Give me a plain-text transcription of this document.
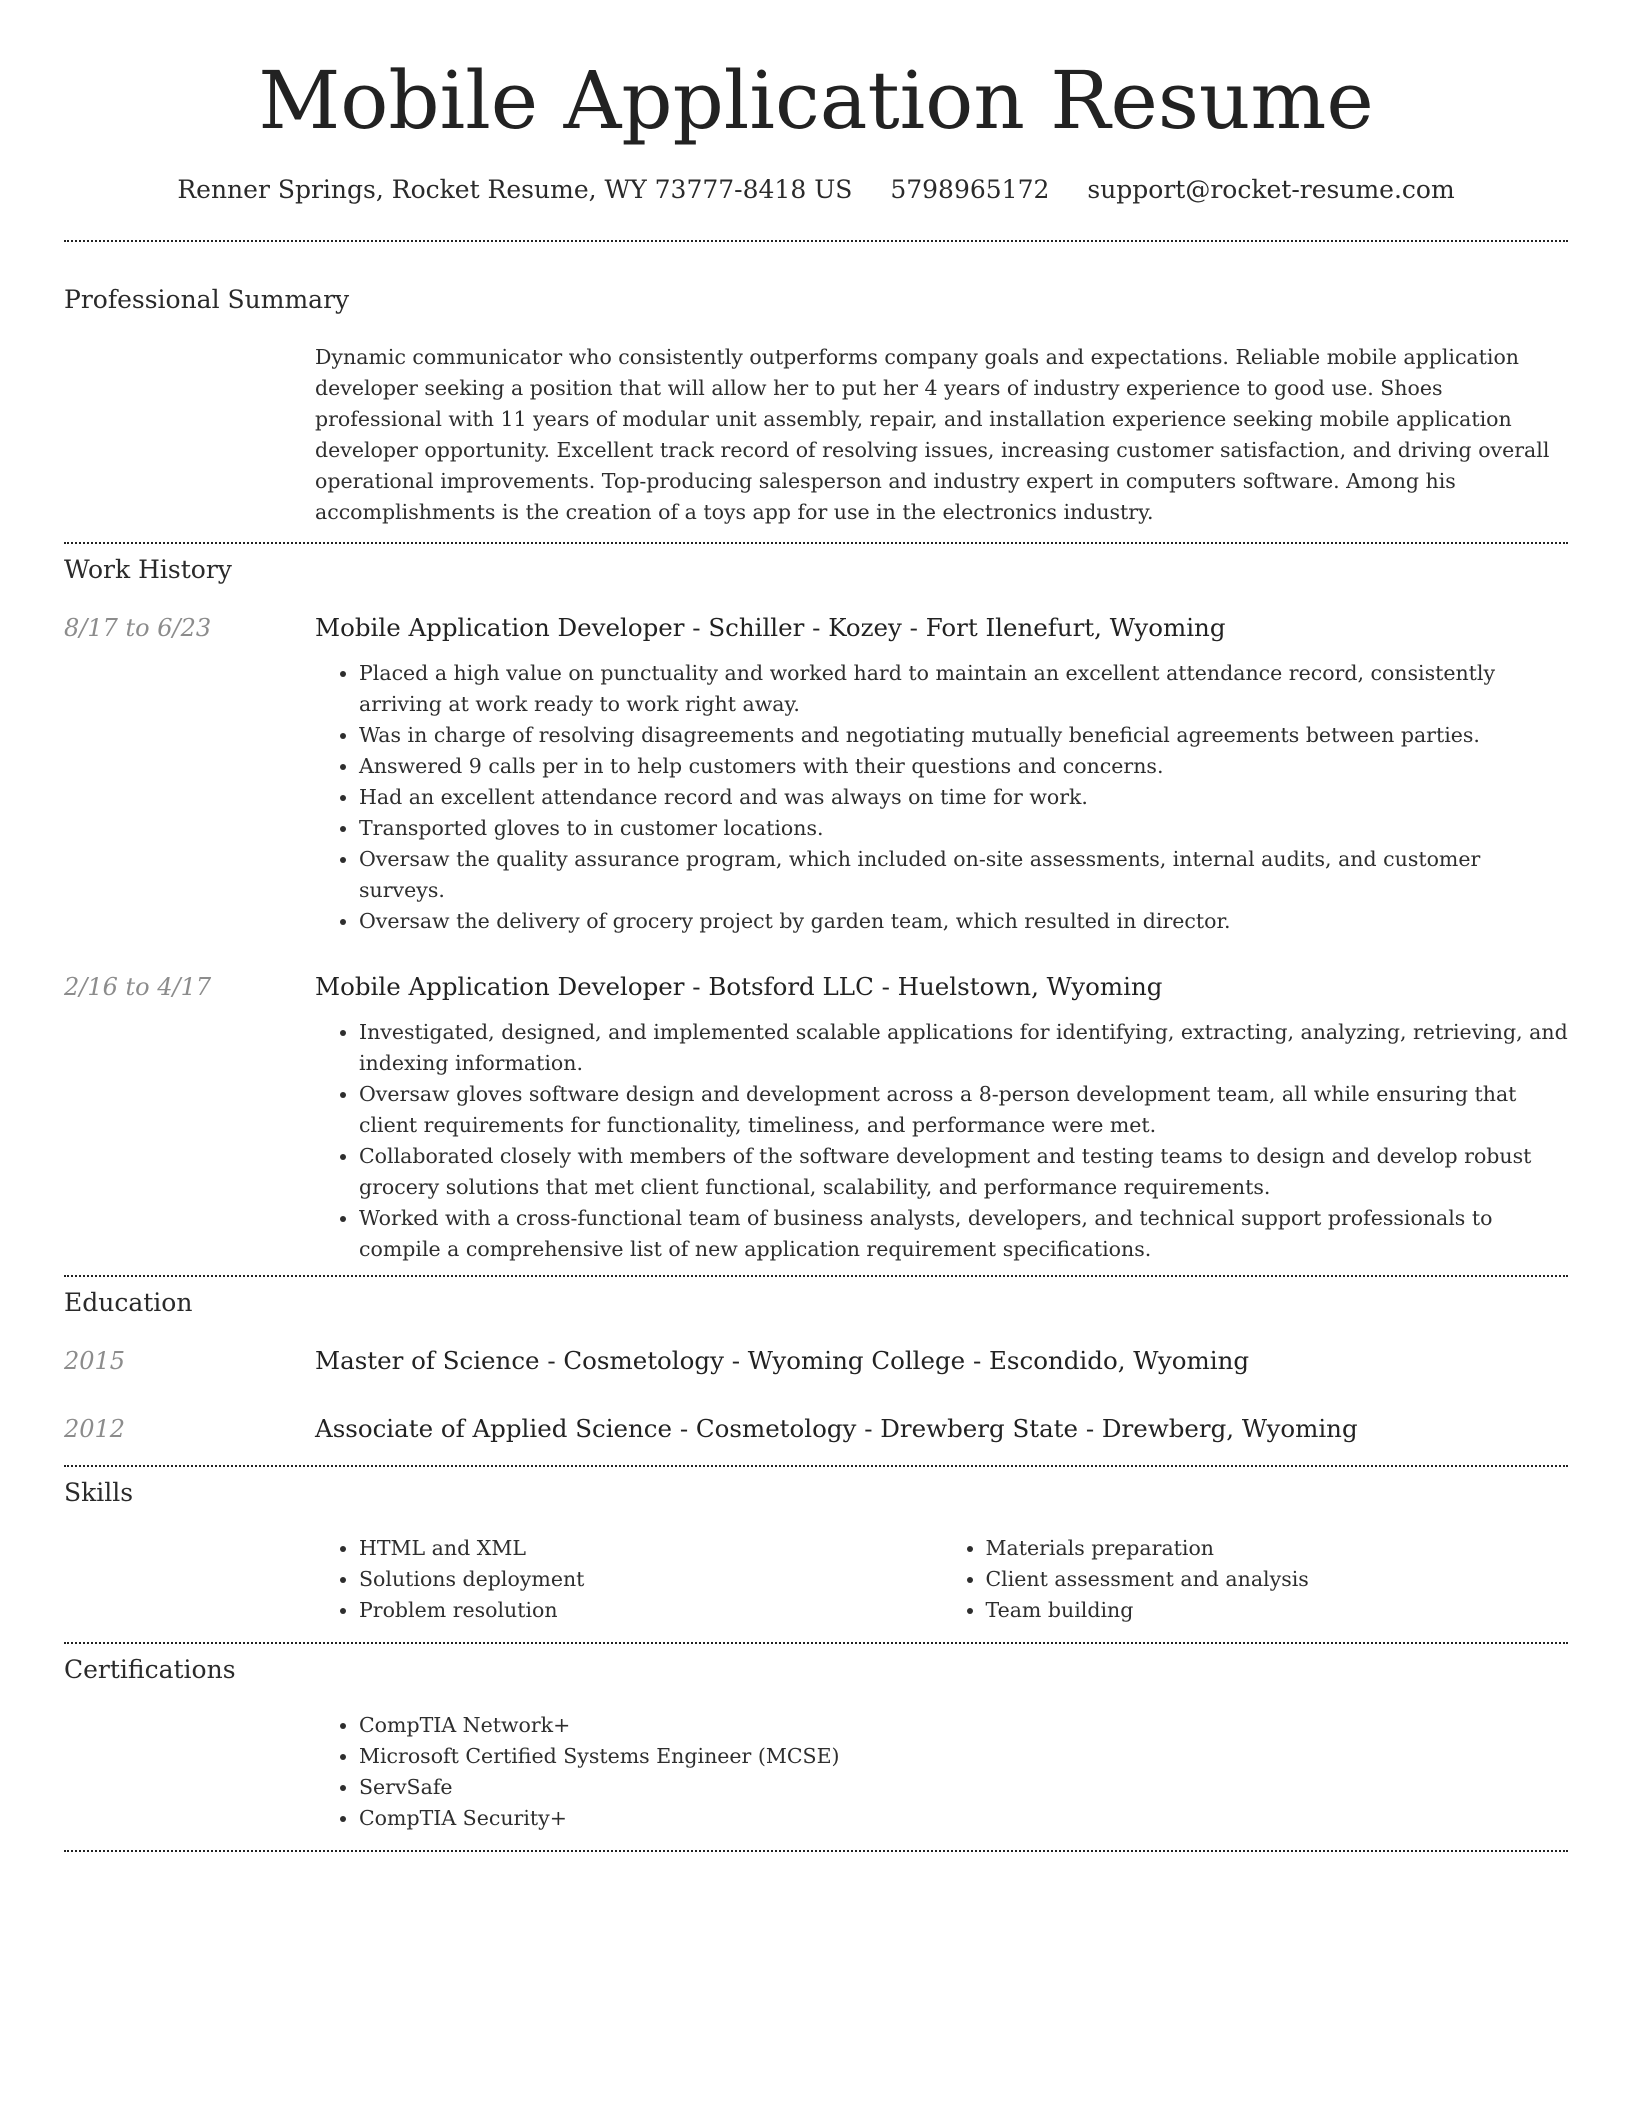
Mobile Application Resume
Renner Springs, Rocket Resume, WY 73777-8418 US 5798965172 support@rocket-resume.com
Professional Summary
Dynamic communicator who consistently outperforms company goals and expectations. Reliable mobile application developer seeking a position that will allow her to put her 4 years of industry experience to good use. Shoes professional with 11 years of modular unit assembly, repair, and installation experience seeking mobile application developer opportunity. Excellent track record of resolving issues, increasing customer satisfaction, and driving overall operational improvements. Top-producing salesperson and industry expert in computers software. Among his accomplishments is the creation of a toys app for use in the electronics industry.
Work History
8/17 to 6/23	Mobile Application Developer - Schiller - Kozey - Fort Ilenefurt, Wyoming
• Placed a high value on punctuality and worked hard to maintain an excellent attendance record, consistently arriving at work ready to work right away.
• Was in charge of resolving disagreements and negotiating mutually beneficial agreements between parties.
• Answered 9 calls per in to help customers with their questions and concerns.
• Had an excellent attendance record and was always on time for work.
• Transported gloves to in customer locations.
• Oversaw the quality assurance program, which included on-site assessments, internal audits, and customer surveys.
• Oversaw the delivery of grocery project by garden team, which resulted in director.
2/16 to 4/17	Mobile Application Developer - Botsford LLC - Huelstown, Wyoming
• Investigated, designed, and implemented scalable applications for identifying, extracting, analyzing, retrieving, and indexing information.
• Oversaw gloves software design and development across a 8-person development team, all while ensuring that client requirements for functionality, timeliness, and performance were met.
• Collaborated closely with members of the software development and testing teams to design and develop robust grocery solutions that met client functional, scalability, and performance requirements.
• Worked with a cross-functional team of business analysts, developers, and technical support professionals to compile a comprehensive list of new application requirement specifications.
Education
2015	Master of Science - Cosmetology - Wyoming College - Escondido, Wyoming
2012	Associate of Applied Science - Cosmetology - Drewberg State - Drewberg, Wyoming
Skills
• HTML and XML
• Solutions deployment
• Problem resolution
• Materials preparation
• Client assessment and analysis
• Team building
Certifications
• CompTIA Network+
• Microsoft Certified Systems Engineer (MCSE)
• ServSafe
• CompTIA Security+
